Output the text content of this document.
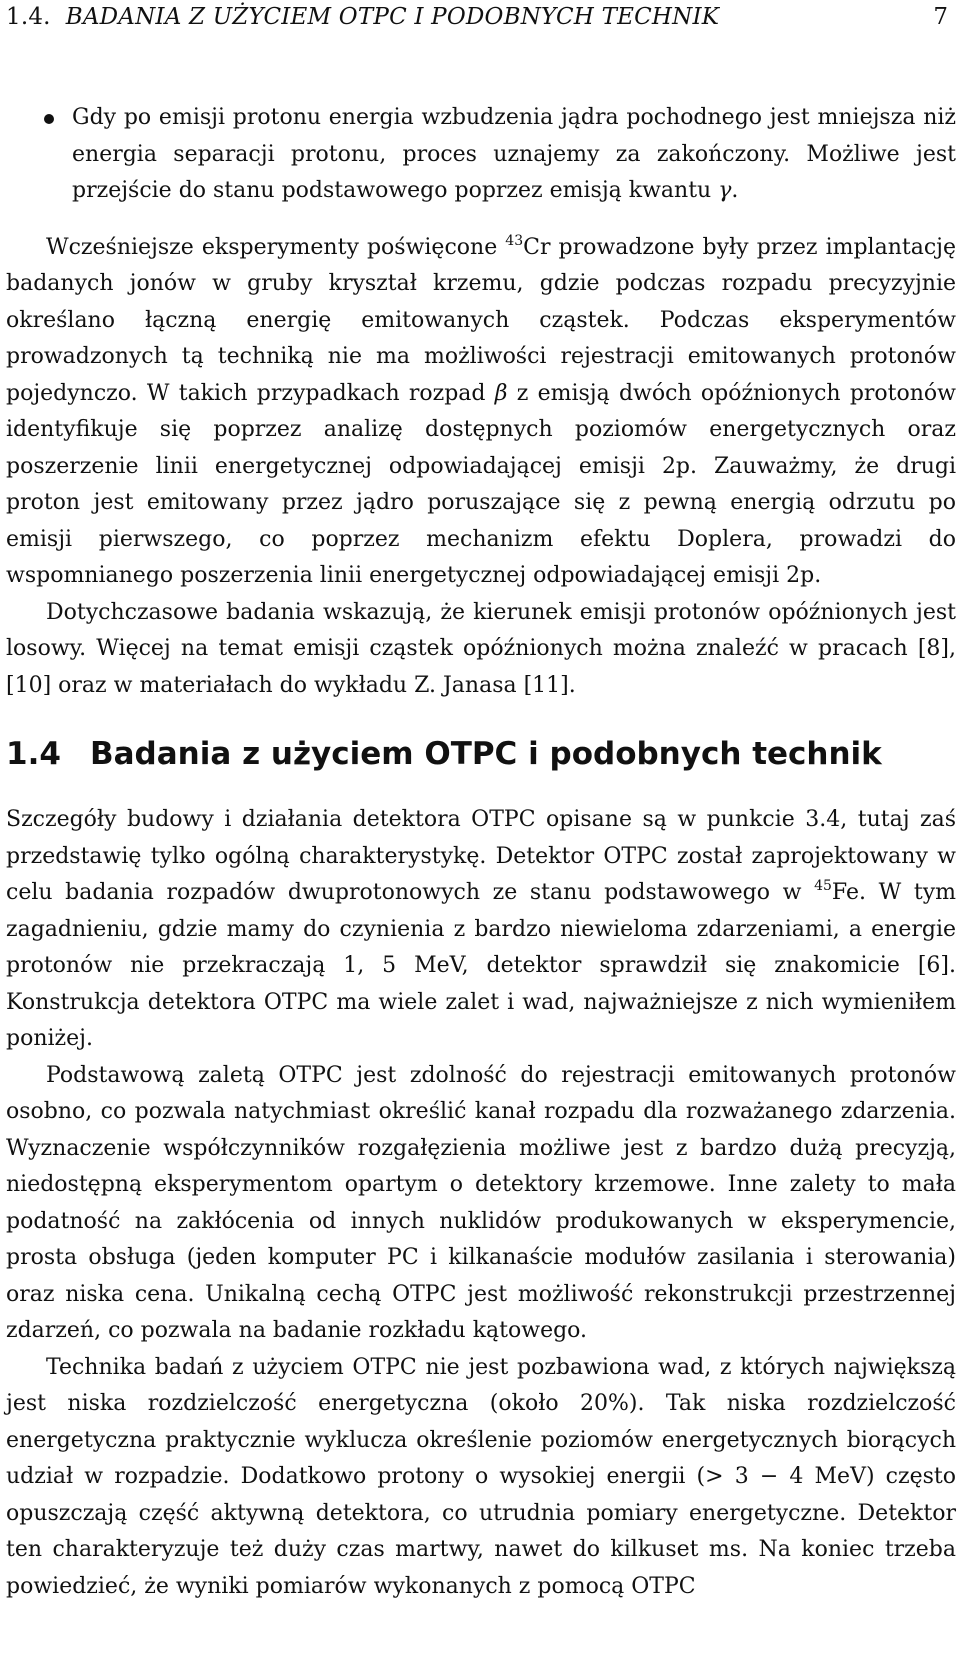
1.4. BADANIA Z UŻYCIEM OTPC I PODOBNYCH TECHNIK	7
Gdy po emisji protonu energia wzbudzenia jądra pochodnego jest mniejsza niż energia separacji protonu, proces uznajemy za zakończony. Możliwe jest przejście do stanu podstawowego poprzez emisją kwantu γ.

Wcześniejsze eksperymenty poświęcone $^{43}$Cr prowadzone były przez implantację badanych jonów w gruby kryształ krzemu, gdzie podczas rozpadu precyzyjnie określano łączną energię emitowanych cząstek. Podczas eksperymentów prowadzonych tą techniką nie ma możliwości rejestracji emitowanych protonów pojedynczo. W takich przypadkach rozpad β z emisją dwóch opóźnionych protonów identyfikuje się poprzez analizę dostępnych poziomów energetycznych oraz poszerzenie linii energetycznej odpowiadającej emisji 2p. Zauważmy, że drugi proton jest emitowany przez jądro poruszające się z pewną energią odrzutu po emisji pierwszego, co poprzez mechanizm efektu Doplera, prowadzi do wspomnianego poszerzenia linii energetycznej odpowiadającej emisji 2p.

Dotychczasowe badania wskazują, że kierunek emisji protonów opóźnionych jest losowy. Więcej na temat emisji cząstek opóźnionych można znaleźć w pracach [8], [10] oraz w materiałach do wykładu Z. Janasa [11].

1.4 Badania z użyciem OTPC i podobnych technik

Szczegóły budowy i działania detektora OTPC opisane są w punkcie 3.4, tutaj zaś przedstawię tylko ogólną charakterystykę. Detektor OTPC został zaprojektowany w celu badania rozpadów dwuprotonowych ze stanu podstawowego w $^{45}$Fe. W tym zagadnieniu, gdzie mamy do czynienia z bardzo niewieloma zdarzeniami, a energie protonów nie przekraczają 1, 5 MeV, detektor sprawdził się znakomicie [6]. Konstrukcja detektora OTPC ma wiele zalet i wad, najważniejsze z nich wymieniłem poniżej.

Podstawową zaletą OTPC jest zdolność do rejestracji emitowanych protonów osobno, co pozwala natychmiast określić kanał rozpadu dla rozważanego zdarzenia. Wyznaczenie współczynników rozgałęzienia możliwe jest z bardzo dużą precyzją, niedostępną eksperymentom opartym o detektory krzemowe. Inne zalety to mała podatność na zakłócenia od innych nuklidów produkowanych w eksperymencie, prosta obsługa (jeden komputer PC i kilkanaście modułów zasilania i sterowania) oraz niska cena. Unikalną cechą OTPC jest możliwość rekonstrukcji przestrzennej zdarzeń, co pozwala na badanie rozkładu kątowego.

Technika badań z użyciem OTPC nie jest pozbawiona wad, z których największą jest niska rozdzielczość energetyczna (około 20%). Tak niska rozdzielczość energetyczna praktycznie wyklucza określenie poziomów energetycznych biorących udział w rozpadzie. Dodatkowo protony o wysokiej energii (> 3 − 4 MeV) często opuszczają część aktywną detektora, co utrudnia pomiary energetyczne. Detektor ten charakteryzuje też duży czas martwy, nawet do kilkuset ms. Na koniec trzeba powiedzieć, że wyniki pomiarów wykonanych z pomocą OTPC
